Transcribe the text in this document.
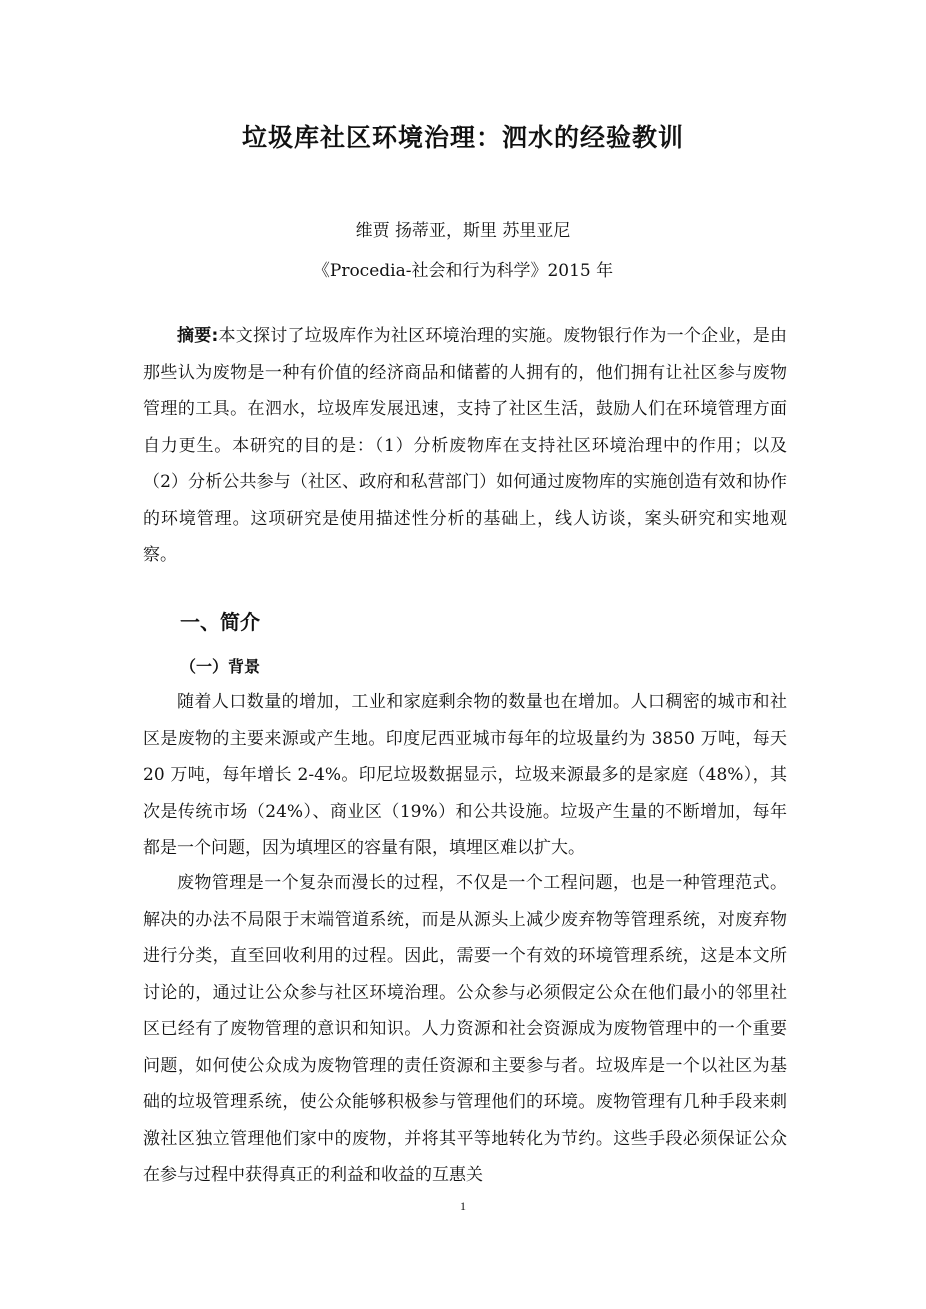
垃圾库社区环境治理：泗水的经验教训

维贾 扬蒂亚，斯里 苏里亚尼

《Procedia-社会和行为科学》2015 年

摘要:本文探讨了垃圾库作为社区环境治理的实施。废物银行作为一个企业，是由那些认为废物是一种有价值的经济商品和储蓄的人拥有的，他们拥有让社区参与废物管理的工具。在泗水，垃圾库发展迅速，支持了社区生活，鼓励人们在环境管理方面自力更生。本研究的目的是：（1）分析废物库在支持社区环境治理中的作用；以及（2）分析公共参与（社区、政府和私营部门）如何通过废物库的实施创造有效和协作的环境管理。这项研究是使用描述性分析的基础上，线人访谈，案头研究和实地观察。

一、简介
（一）背景

随着人口数量的增加，工业和家庭剩余物的数量也在增加。人口稠密的城市和社区是废物的主要来源或产生地。印度尼西亚城市每年的垃圾量约为 3850 万吨，每天 20 万吨，每年增长 2-4%。印尼垃圾数据显示，垃圾来源最多的是家庭（48%），其次是传统市场（24%）、商业区（19%）和公共设施。垃圾产生量的不断增加，每年都是一个问题，因为填埋区的容量有限，填埋区难以扩大。

废物管理是一个复杂而漫长的过程，不仅是一个工程问题，也是一种管理范式。解决的办法不局限于末端管道系统，而是从源头上减少废弃物等管理系统，对废弃物进行分类，直至回收利用的过程。因此，需要一个有效的环境管理系统，这是本文所讨论的，通过让公众参与社区环境治理。公众参与必须假定公众在他们最小的邻里社区已经有了废物管理的意识和知识。人力资源和社会资源成为废物管理中的一个重要问题，如何使公众成为废物管理的责任资源和主要参与者。垃圾库是一个以社区为基础的垃圾管理系统，使公众能够积极参与管理他们的环境。废物管理有几种手段来刺激社区独立管理他们家中的废物，并将其平等地转化为节约。这些手段必须保证公众在参与过程中获得真正的利益和收益的互惠关

1
